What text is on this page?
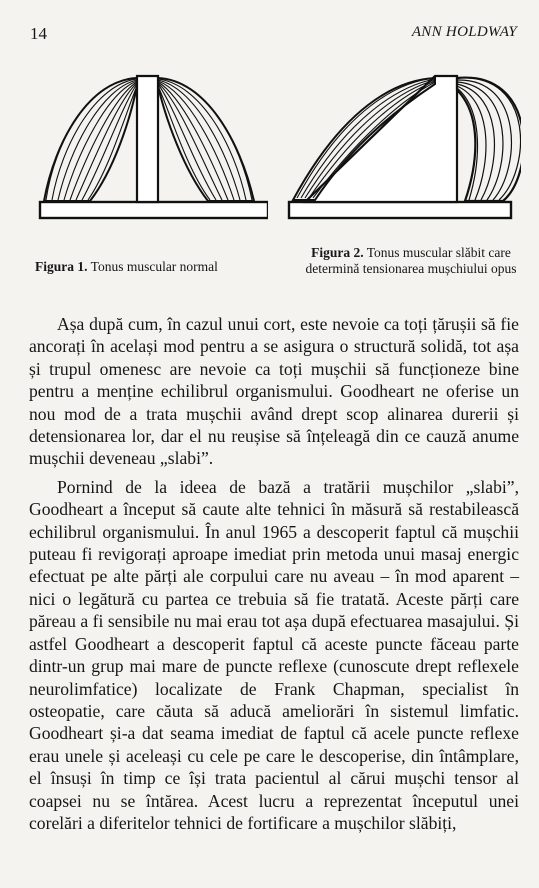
14	ANN HOLDWAY
Figura 1. Tonus muscular normal
Figura 2. Tonus muscular slăbit care determină tensionarea mușchiului opus

Așa după cum, în cazul unui cort, este nevoie ca toți țărușii să fie ancorați în același mod pentru a se asigura o structură solidă, tot așa și trupul omenesc are nevoie ca toți mușchii să funcționeze bine pentru a menține echilibrul organismului. Goodheart ne oferise un nou mod de a trata mușchii având drept scop alinarea durerii și detensionarea lor, dar el nu reușise să înțeleagă din ce cauză anume mușchii deveneau „slabi”.

Pornind de la ideea de bază a tratării mușchilor „slabi”, Goodheart a început să caute alte tehnici în măsură să restabilească echilibrul organismului. În anul 1965 a descoperit faptul că mușchii puteau fi revigorați aproape imediat prin metoda unui masaj energic efectuat pe alte părți ale corpului care nu aveau – în mod aparent – nici o legătură cu partea ce trebuia să fie tratată. Aceste părți care păreau a fi sensibile nu mai erau tot așa după efectuarea masajului. Și astfel Goodheart a descoperit faptul că aceste puncte făceau parte dintr-un grup mai mare de puncte reflexe (cunoscute drept reflexele neurolimfatice) localizate de Frank Chapman, specialist în osteopatie, care căuta să aducă ameliorări în sistemul limfatic. Goodheart și-a dat seama imediat de faptul că acele puncte reflexe erau unele și aceleași cu cele pe care le descoperise, din întâmplare, el însuși în timp ce își trata pacientul al cărui mușchi tensor al coapsei nu se întărea. Acest lucru a reprezentat începutul unei corelări a diferitelor tehnici de fortificare a mușchilor slăbiți,
